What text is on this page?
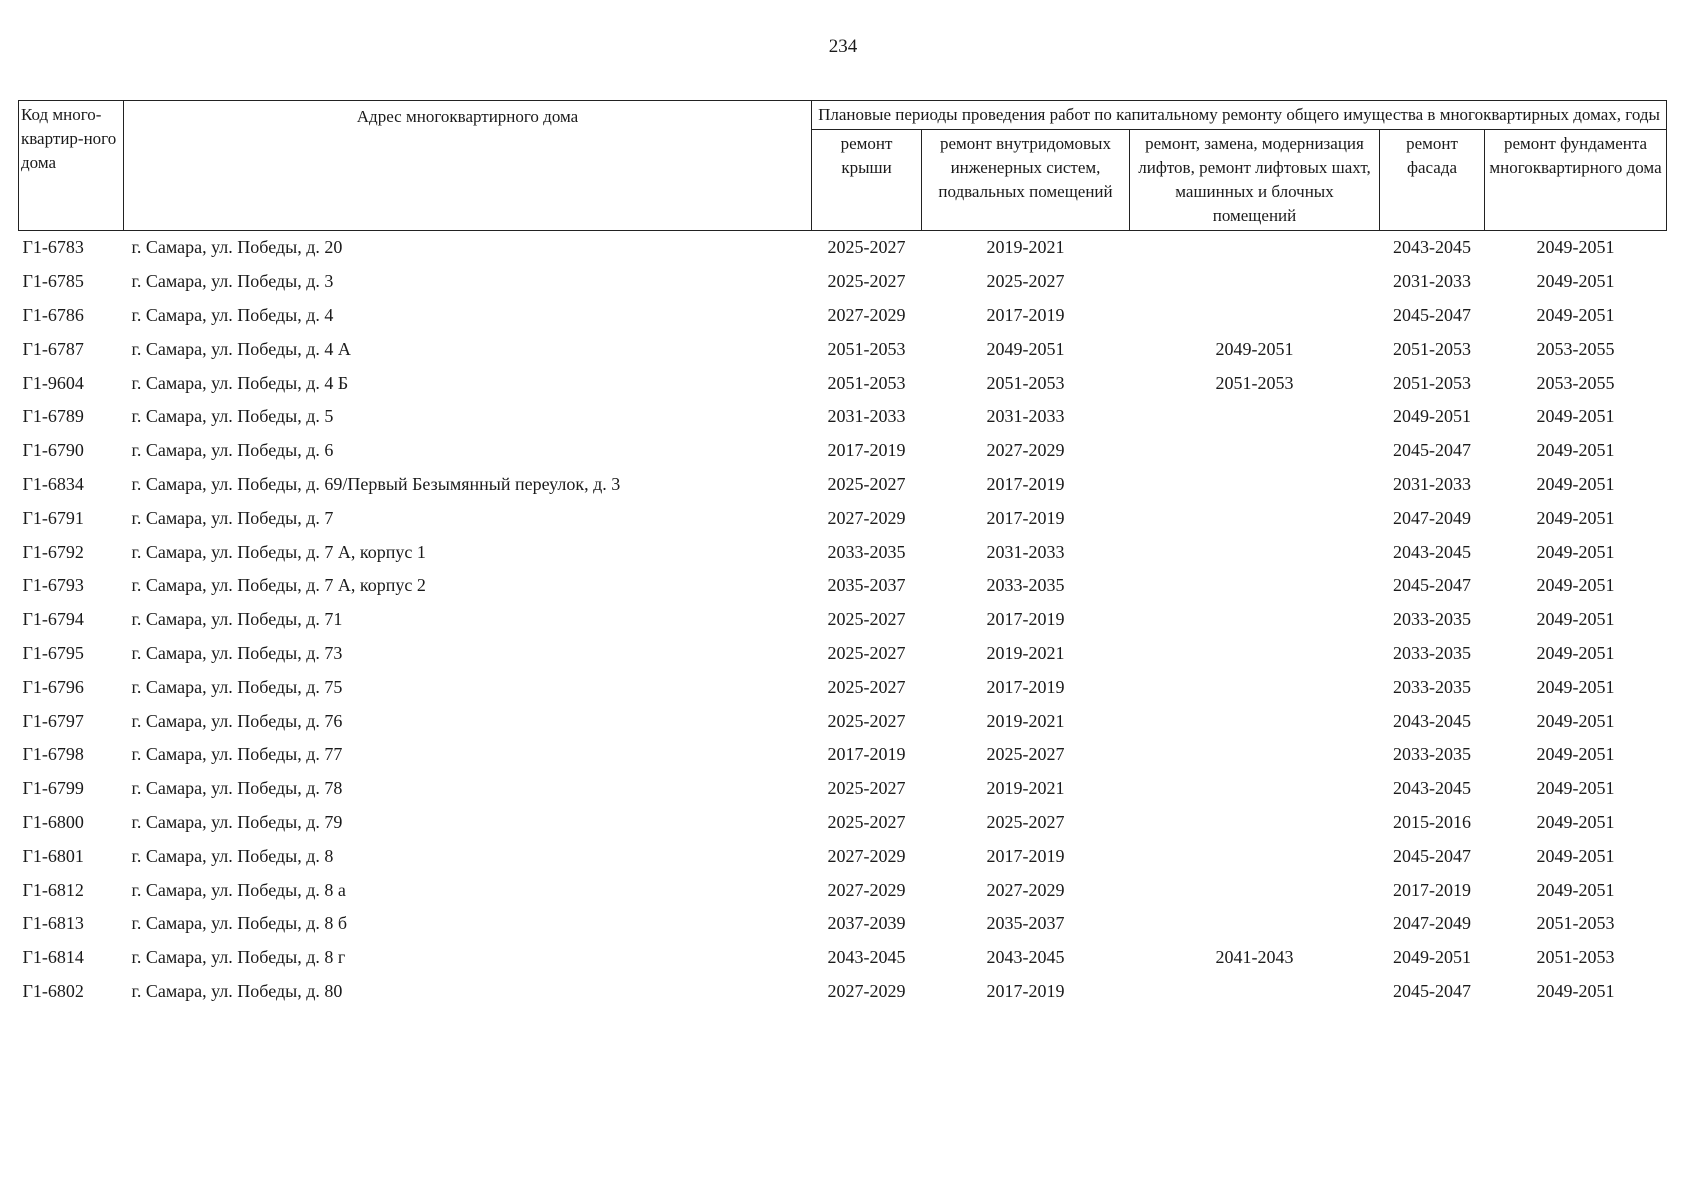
234
Код много-квартир-ного дома	Адрес многоквартирного дома	Плановые периоды проведения работ по капитальному ремонту общего имущества в многоквартирных домах, годы				
		ремонт крыши	ремонт внутридомовых инженерных систем, подвальных помещений	ремонт, замена, модернизация лифтов, ремонт лифтовых шахт, машинных и блочных помещений	ремонт фасада	ремонт фундамента многоквартирного дома
Г1-6783	г. Самара, ул. Победы, д. 20	2025-2027	2019-2021		2043-2045	2049-2051
Г1-6785	г. Самара, ул. Победы, д. 3	2025-2027	2025-2027		2031-2033	2049-2051
Г1-6786	г. Самара, ул. Победы, д. 4	2027-2029	2017-2019		2045-2047	2049-2051
Г1-6787	г. Самара, ул. Победы, д. 4 А	2051-2053	2049-2051	2049-2051	2051-2053	2053-2055
Г1-9604	г. Самара, ул. Победы, д. 4 Б	2051-2053	2051-2053	2051-2053	2051-2053	2053-2055
Г1-6789	г. Самара, ул. Победы, д. 5	2031-2033	2031-2033		2049-2051	2049-2051
Г1-6790	г. Самара, ул. Победы, д. 6	2017-2019	2027-2029		2045-2047	2049-2051
Г1-6834	г. Самара, ул. Победы, д. 69/Первый Безымянный переулок, д. 3	2025-2027	2017-2019		2031-2033	2049-2051
Г1-6791	г. Самара, ул. Победы, д. 7	2027-2029	2017-2019		2047-2049	2049-2051
Г1-6792	г. Самара, ул. Победы, д. 7 А, корпус 1	2033-2035	2031-2033		2043-2045	2049-2051
Г1-6793	г. Самара, ул. Победы, д. 7 А, корпус 2	2035-2037	2033-2035		2045-2047	2049-2051
Г1-6794	г. Самара, ул. Победы, д. 71	2025-2027	2017-2019		2033-2035	2049-2051
Г1-6795	г. Самара, ул. Победы, д. 73	2025-2027	2019-2021		2033-2035	2049-2051
Г1-6796	г. Самара, ул. Победы, д. 75	2025-2027	2017-2019		2033-2035	2049-2051
Г1-6797	г. Самара, ул. Победы, д. 76	2025-2027	2019-2021		2043-2045	2049-2051
Г1-6798	г. Самара, ул. Победы, д. 77	2017-2019	2025-2027		2033-2035	2049-2051
Г1-6799	г. Самара, ул. Победы, д. 78	2025-2027	2019-2021		2043-2045	2049-2051
Г1-6800	г. Самара, ул. Победы, д. 79	2025-2027	2025-2027		2015-2016	2049-2051
Г1-6801	г. Самара, ул. Победы, д. 8	2027-2029	2017-2019		2045-2047	2049-2051
Г1-6812	г. Самара, ул. Победы, д. 8 а	2027-2029	2027-2029		2017-2019	2049-2051
Г1-6813	г. Самара, ул. Победы, д. 8 б	2037-2039	2035-2037		2047-2049	2051-2053
Г1-6814	г. Самара, ул. Победы, д. 8 г	2043-2045	2043-2045	2041-2043	2049-2051	2051-2053
Г1-6802	г. Самара, ул. Победы, д. 80	2027-2029	2017-2019		2045-2047	2049-2051
